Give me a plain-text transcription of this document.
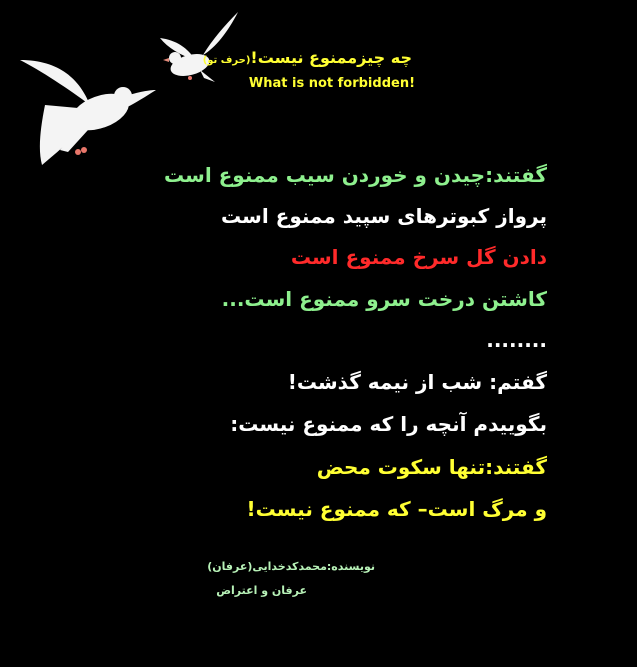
چه چیزممنوع نیست!(حرف تو)
What is not forbidden!
گفتند:چیدن و خوردن سیب ممنوع است
پرواز کبوترهای سپید ممنوع است
دادن گل سرخ ممنوع است
کاشتن درخت سرو ممنوع است...
........
گفتم: شب از نیمه گذشت!
بگوییدم آنچه را که ممنوع نیست:
گفتند:تنها سکوت محض
و مرگ است– که ممنوع نیست!
نویسنده:محمدکدخدایی(عرفان)
عرفان و اعتراض
